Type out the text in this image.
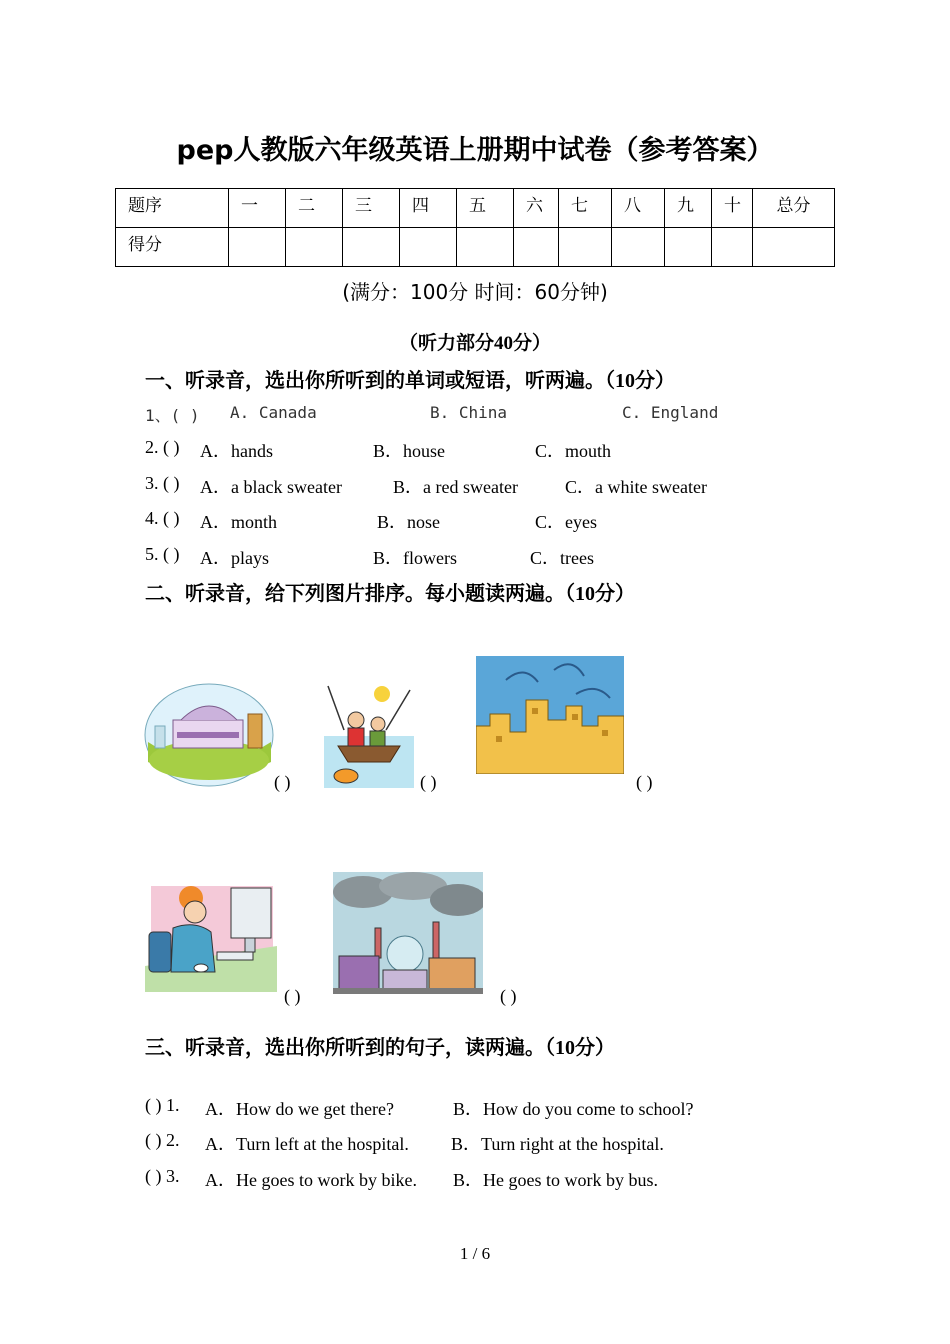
pep人教版六年级英语上册期中试卷（参考答案）
题序	一	二	三	四	五	六	七	八	九	十	总分
得分											
(满分：100分 时间：60分钟)
（听力部分40分）
一、听录音，选出你所听到的单词或短语，听两遍。（10分）
1、( ) A. Canada	B. China	C. England
2. ( ) A．hands	B．house	C．mouth
3. ( ) A．a black sweater	B．a red sweater	C．a white sweater
4. ( ) A．month	B．nose	C．eyes
5. ( ) A．plays	B．flowers	C．trees
二、听录音，给下列图片排序。每小题读两遍。（10分）
( )	( )	( )
( )	( )
三、听录音，选出你所听到的句子，读两遍。（10分）
( ) 1. A．How do we get there?	B．How do you come to school?
( ) 2. A．Turn left at the hospital. B．Turn right at the hospital.
( ) 3. A．He goes to work by bike. B．He goes to work by bus.
1 / 6
